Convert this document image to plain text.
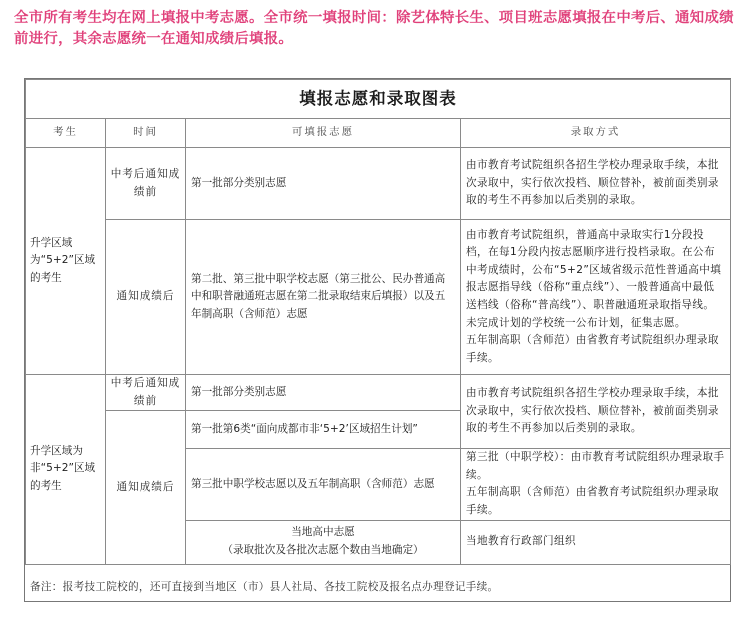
全市所有考生均在网上填报中考志愿。全市统一填报时间：除艺体特长生、项目班志愿填报在中考后、通知成绩前进行，其余志愿统一在通知成绩后填报。
填报志愿和录取图表			
考生	时间	可填报志愿	录取方式
升学区域为“5+2”区域的考生	中考后通知成绩前	第一批部分类别志愿	由市教育考试院组织各招生学校办理录取手续，本批次录取中，实行依次投档、顺位替补，被前面类别录取的考生不再参加以后类别的录取。
	通知成绩后	第二批、第三批中职学校志愿（第三批公、民办普通高中和职普融通班志愿在第二批录取结束后填报）以及五年制高职（含师范）志愿	由市教育考试院组织，普通高中录取实行1分段投档，在每1分段内按志愿顺序进行投档录取。在公布中考成绩时，公布“5+2”区域省级示范性普通高中填报志愿指导线（俗称“重点线”）、一般普通高中最低送档线（俗称“普高线”）、职普融通班录取指导线。未完成计划的学校统一公布计划，征集志愿。
五年制高职（含师范）由省教育考试院组织办理录取手续。

升学区域为非“5+2”区域的考生	中考后通知成绩前	第一批部分类别志愿	由市教育考试院组织各招生学校办理录取手续，本批次录取中，实行依次投档、顺位替补，被前面类别录取的考生不再参加以后类别的录取。
	通知成绩后	第一批第6类“面向成都市非‘5+2’区域招生计划”	
		第三批中职学校志愿以及五年制高职（含师范）志愿	第三批（中职学校）：由市教育考试院组织办理录取手续。
五年制高职（含师范）由省教育考试院组织办理录取手续。

		当地高中志愿
（录取批次及各批次志愿个数由当地确定）	当地教育行政部门组织
备注：报考技工院校的，还可直接到当地区（市）县人社局、各技工院校及报名点办理登记手续。
